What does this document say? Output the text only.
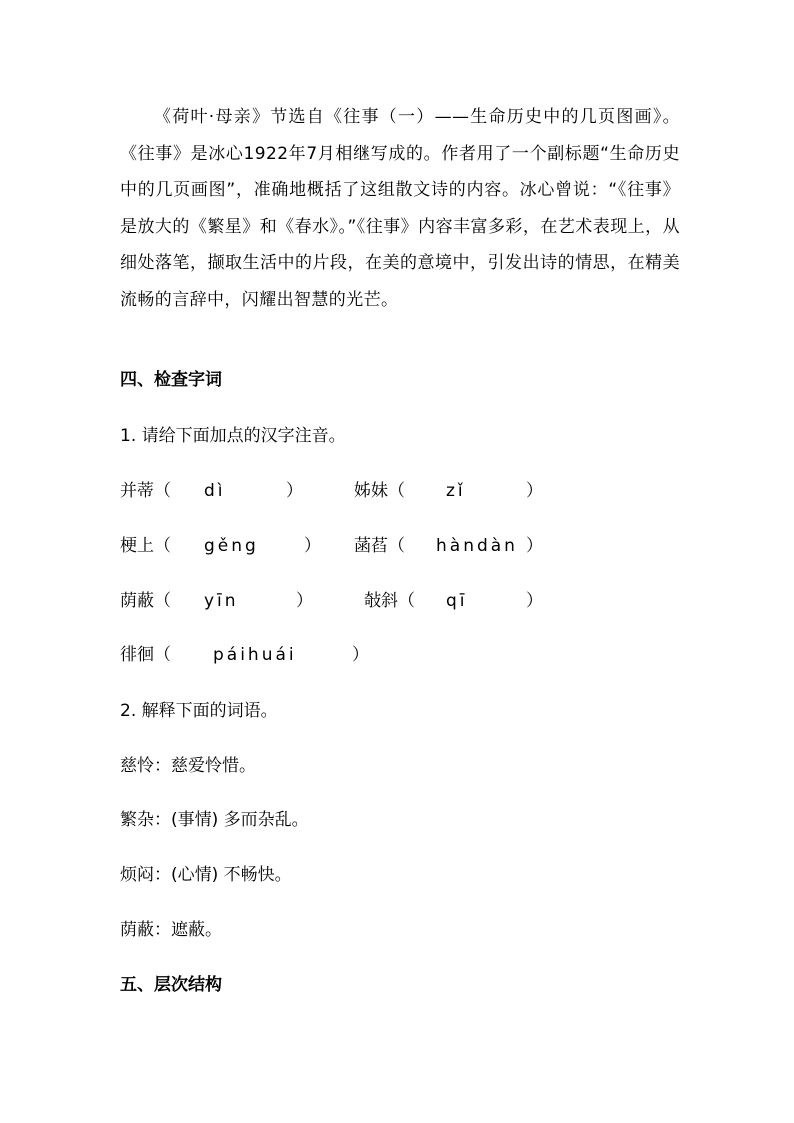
《荷叶·母亲》节选自《往事（一）——生命历史中的几页图画》。《往事》是冰心1922年7月相继写成的。作者用了一个副标题“生命历史中的几页画图”，准确地概括了这组散文诗的内容。冰心曾说：“《往事》是放大的《繁星》和《春水》。”《往事》内容丰富多彩，在艺术表现上，从细处落笔，撷取生活中的片段，在美的意境中，引发出诗的情思，在精美流畅的言辞中，闪耀出智慧的光芒。

四、检查字词

1. 请给下面加点的汉字注音。

并蒂 （ dì	）	姊妹 （ zǐ	）
梗上 （ gěng	） 菡萏 （ hàndàn ）
荫蔽 （ yīn	）	敧斜 （ qī	）
徘徊 （ páihuái	）

2. 解释下面的词语。

慈怜：慈爱怜惜。

繁杂：(事情) 多而杂乱。

烦闷：(心情) 不畅快。

荫蔽：遮蔽。

五、层次结构
